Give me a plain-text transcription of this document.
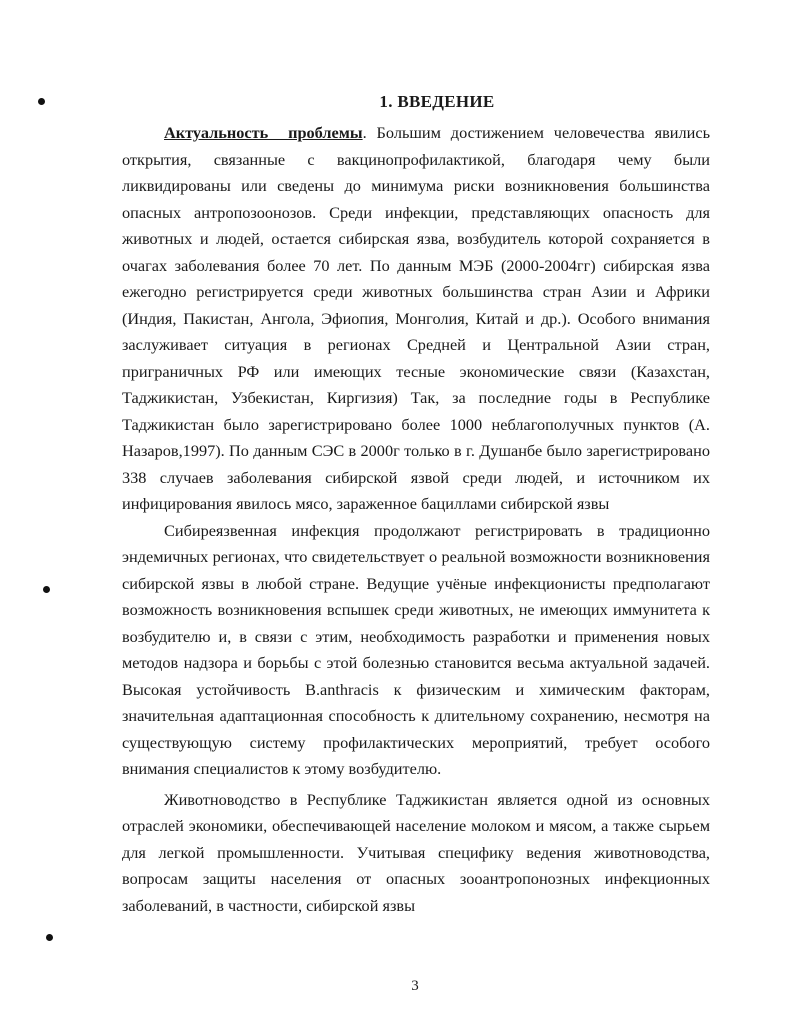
1. ВВЕДЕНИЕ

Актуальность проблемы. Большим достижением человечества явились открытия, связанные с вакцинопрофилактикой, благодаря чему были ликвидированы или сведены до минимума риски возникновения большинства опасных антропозоонозов. Среди инфекции, представляющих опасность для животных и людей, остается сибирская язва, возбудитель которой сохраняется в очагах заболевания более 70 лет. По данным МЭБ (2000-2004гг) сибирская язва ежегодно регистрируется среди животных большинства стран Азии и Африки (Индия, Пакистан, Ангола, Эфиопия, Монголия, Китай и др.). Особого внимания заслуживает ситуация в регионах Средней и Центральной Азии стран, приграничных РФ или имеющих тесные экономические связи (Казахстан, Таджикистан, Узбекистан, Киргизия) Так, за последние годы в Республике Таджикистан было зарегистрировано более 1000 неблагополучных пунктов (А. Назаров,1997). По данным СЭС в 2000г только в г. Душанбе было зарегистрировано 338 случаев заболевания сибирской язвой среди людей, и источником их инфицирования явилось мясо, зараженное бациллами сибирской язвы

Сибиреязвенная инфекция продолжают регистрировать в традиционно эндемичных регионах, что свидетельствует о реальной возможности возникновения сибирской язвы в любой стране. Ведущие учёные инфекционисты предполагают возможность возникновения вспышек среди животных, не имеющих иммунитета к возбудителю и, в связи с этим, необходимость разработки и применения новых методов надзора и борьбы с этой болезнью становится весьма актуальной задачей. Высокая устойчивость B.anthracis к физическим и химическим факторам, значительная адаптационная способность к длительному сохранению, несмотря на существующую систему профилактических мероприятий, требует особого внимания специалистов к этому возбудителю.

Животноводство в Республике Таджикистан является одной из основных отраслей экономики, обеспечивающей население молоком и мясом, а также сырьем для легкой промышленности. Учитывая специфику ведения животноводства, вопросам защиты населения от опасных зооантропонозных инфекционных заболеваний, в частности, сибирской язвы

3
